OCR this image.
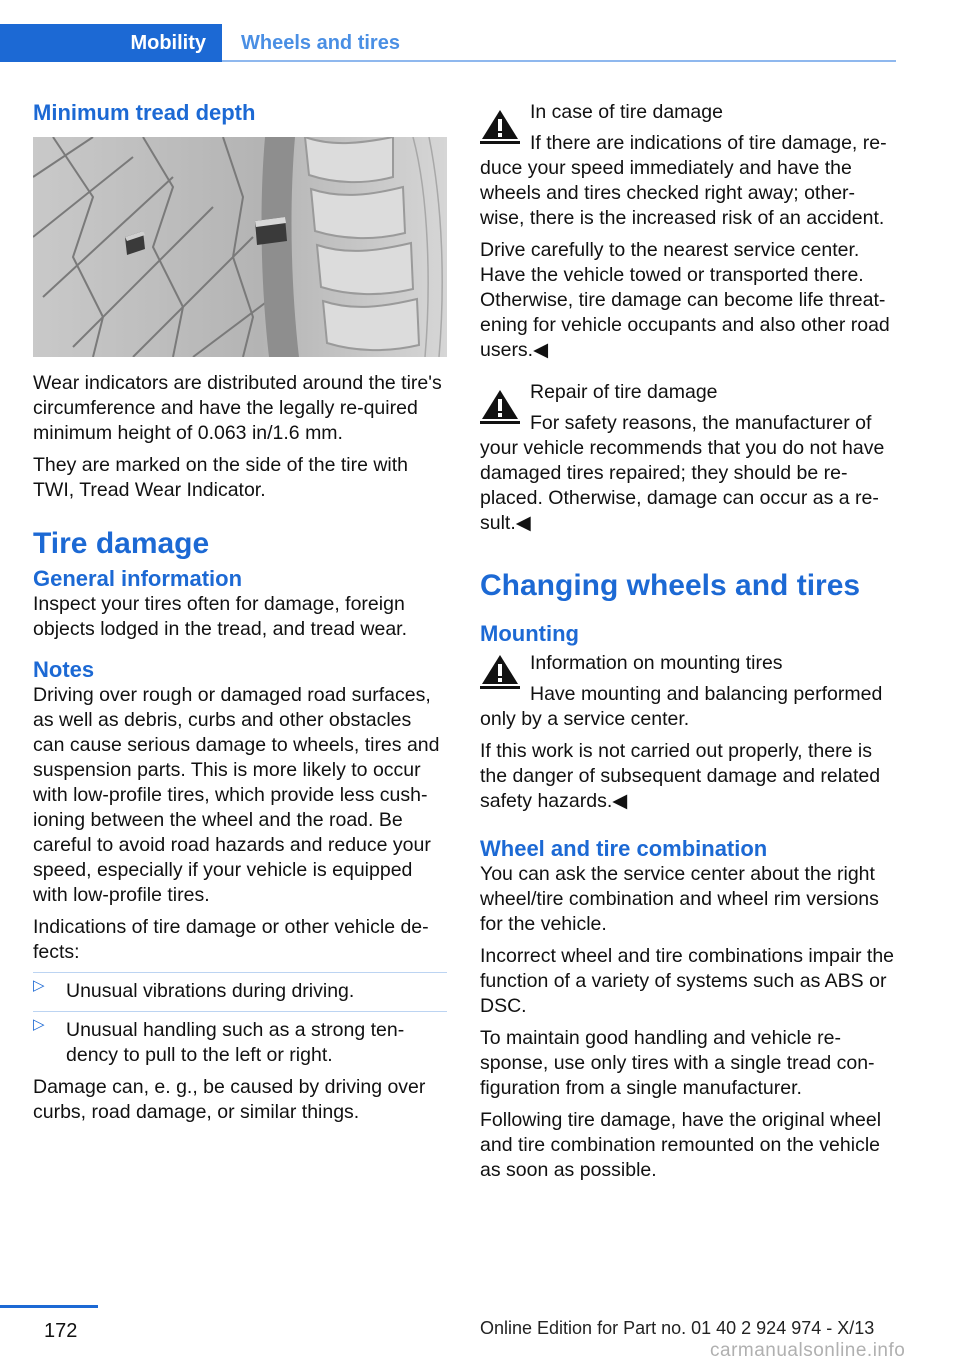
Mobility Wheels and tires
Minimum tread depth

Wear indicators are distributed around the tire's circumference and have the legally re‐quired minimum height of 0.063 in/1.6 mm.

They are marked on the side of the tire with TWI, Tread Wear Indicator.

Tire damage
General information

Inspect your tires often for damage, foreign objects lodged in the tread, and tread wear.

Notes

Driving over rough or damaged road surfaces, as well as debris, curbs and other obstacles can cause serious damage to wheels, tires and suspension parts. This is more likely to occur with low-profile tires, which provide less cush‐ioning between the wheel and the road. Be careful to avoid road hazards and reduce your speed, especially if your vehicle is equipped with low-profile tires.

Indications of tire damage or other vehicle de‐fects:

▷ Unusual vibrations during driving.
▷ Unusual handling such as a strong ten‐dency to pull to the left or right.

Damage can, e. g., be caused by driving over curbs, road damage, or similar things.

In case of tire damage

If there are indications of tire damage, re‐duce your speed immediately and have the wheels and tires checked right away; other‐wise, there is the increased risk of an accident.

Drive carefully to the nearest service center. Have the vehicle towed or transported there. Otherwise, tire damage can become life threat‐ening for vehicle occupants and also other road users.◀

Repair of tire damage

For safety reasons, the manufacturer of your vehicle recommends that you do not have damaged tires repaired; they should be re‐placed. Otherwise, damage can occur as a re‐sult.◀

Changing wheels and tires
Mounting
Information on mounting tires

Have mounting and balancing performed only by a service center.

If this work is not carried out properly, there is the danger of subsequent damage and related safety hazards.◀

Wheel and tire combination

You can ask the service center about the right wheel/tire combination and wheel rim versions for the vehicle.

Incorrect wheel and tire combinations impair the function of a variety of systems such as ABS or DSC.

To maintain good handling and vehicle re‐sponse, use only tires with a single tread con‐figuration from a single manufacturer.

Following tire damage, have the original wheel and tire combination remounted on the vehicle as soon as possible.

172	Online Edition for Part no. 01 40 2 924 974 - X/13
carmanualsonline.info
